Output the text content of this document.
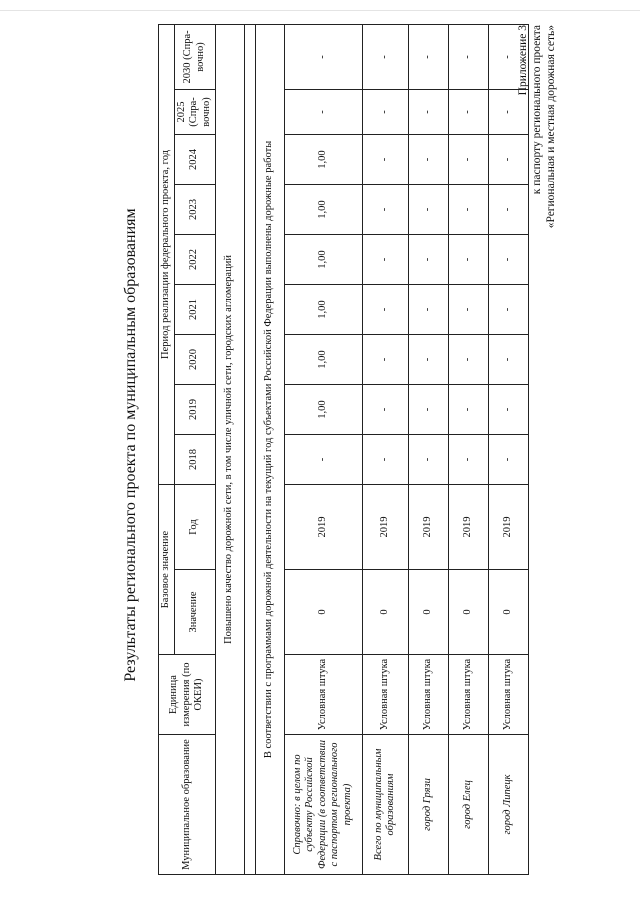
Результаты регионального проекта по муниципальным образованиям
Приложение 3 к паспорту регионального проекта «Региональная и местная дорожная сеть»
Муниципальное образование	Единица измерения (по ОКЕИ)	Базовое значение		Период реализации федерального проекта, год								
		Значение	Год	2018	2019	2020	2021	2022	2023	2024	2025 (Спра-вочно)	2030 (Спра-вочно)
Повышено качество дорожной сети, в том числе уличной сети, городских агломераций												

В соответствии с программами дорожной деятельности на текущий год субъектами Российской Федерации выполнены дорожные работы												
Справочно: в целом по субъекту Российской Федерации (в соответствии с паспортом регионального проекта)	Условная штука	0	2019	-	1,00	1,00	1,00	1,00	1,00	1,00	-	-
Всего по муниципальным образованиям	Условная штука	0	2019	-	-	-	-	-	-	-	-	-
город Грязи	Условная штука	0	2019	-	-	-	-	-	-	-	-	-
город Елец	Условная штука	0	2019	-	-	-	-	-	-	-	-	-
город Липецк	Условная штука	0	2019	-	-	-	-	-	-	-	-	-
